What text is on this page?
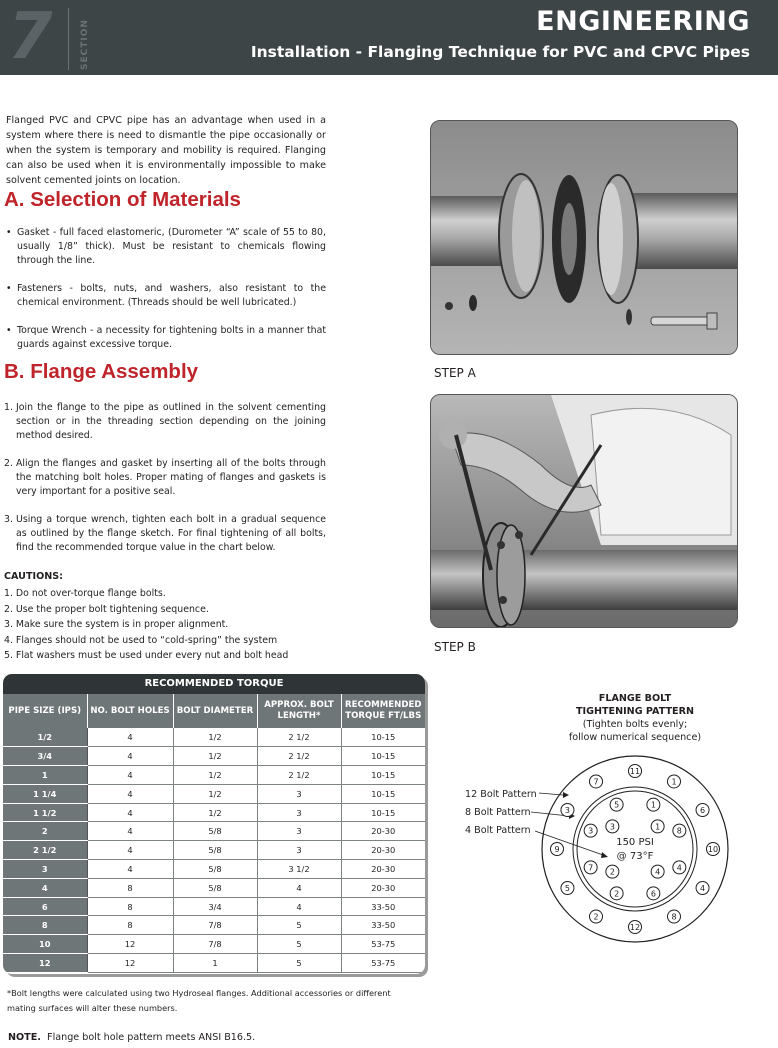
7	SECTION	ENGINEERING
Installation - Flanging Technique for PVC and CPVC Pipes

Flanged PVC and CPVC pipe has an advantage when used in a system where there is need to dismantle the pipe occasionally or when the system is temporary and mobility is required. Flanging can also be used when it is environmentally impossible to make solvent cemented joints on location.

A. Selection of Materials
• Gasket - full faced elastomeric, (Durometer “A” scale of 55 to 80, usually 1/8” thick). Must be resistant to chemicals flowing through the line.
• Fasteners - bolts, nuts, and washers, also resistant to the chemical environment. (Threads should be well lubricated.)
• Torque Wrench - a necessity for tightening bolts in a manner that guards against excessive torque.
B. Flange Assembly
1. Join the flange to the pipe as outlined in the solvent cementing section or in the threading section depending on the joining method desired.
2. Align the flanges and gasket by inserting all of the bolts through the matching bolt holes. Proper mating of flanges and gaskets is very important for a positive seal.
3. Using a torque wrench, tighten each bolt in a gradual sequence as outlined by the flange sketch. For final tightening of all bolts, find the recommended torque value in the chart below.
CAUTIONS:
1. Do not over-torque flange bolts.
2. Use the proper bolt tightening sequence.
3. Make sure the system is in proper alignment.
4. Flanges should not be used to “cold-spring” the system
5. Flat washers must be used under every nut and bolt head
STEP A
STEP B
RECOMMENDED TORQUE
PIPE SIZE (IPS)	NO. BOLT HOLES	BOLT DIAMETER	APPROX. BOLT LENGTH*	RECOMMENDED TORQUE FT/LBS
1/2	4	1/2	2 1/2	10-15
3/4	4	1/2	2 1/2	10-15
1	4	1/2	2 1/2	10-15
1 1/4	4	1/2	3	10-15
1 1/2	4	1/2	3	10-15
2	4	5/8	3	20-30
2 1/2	4	5/8	3	20-30
3	4	5/8	3 1/2	20-30
4	8	5/8	4	20-30
6	8	3/4	4	33-50
8	8	7/8	5	33-50
10	12	7/8	5	53-75
12	12	1	5	53-75
*Bolt lengths were calculated using two Hydroseal flanges. Additional accessories or different mating surfaces will alter these numbers.
NOTE. Flange bolt hole pattern meets ANSI B16.5.
FLANGE BOLT
TIGHTENING PATTERN
(Tighten bolts evenly;
follow numerical sequence)
12 Bolt Pattern
8 Bolt Pattern
4 Bolt Pattern
150 PSI
@ 73°F
11
1
6
10
4
8
12
2
5
9
3
7
1
8
4
6
2
7
3
5
1
4
2
3
